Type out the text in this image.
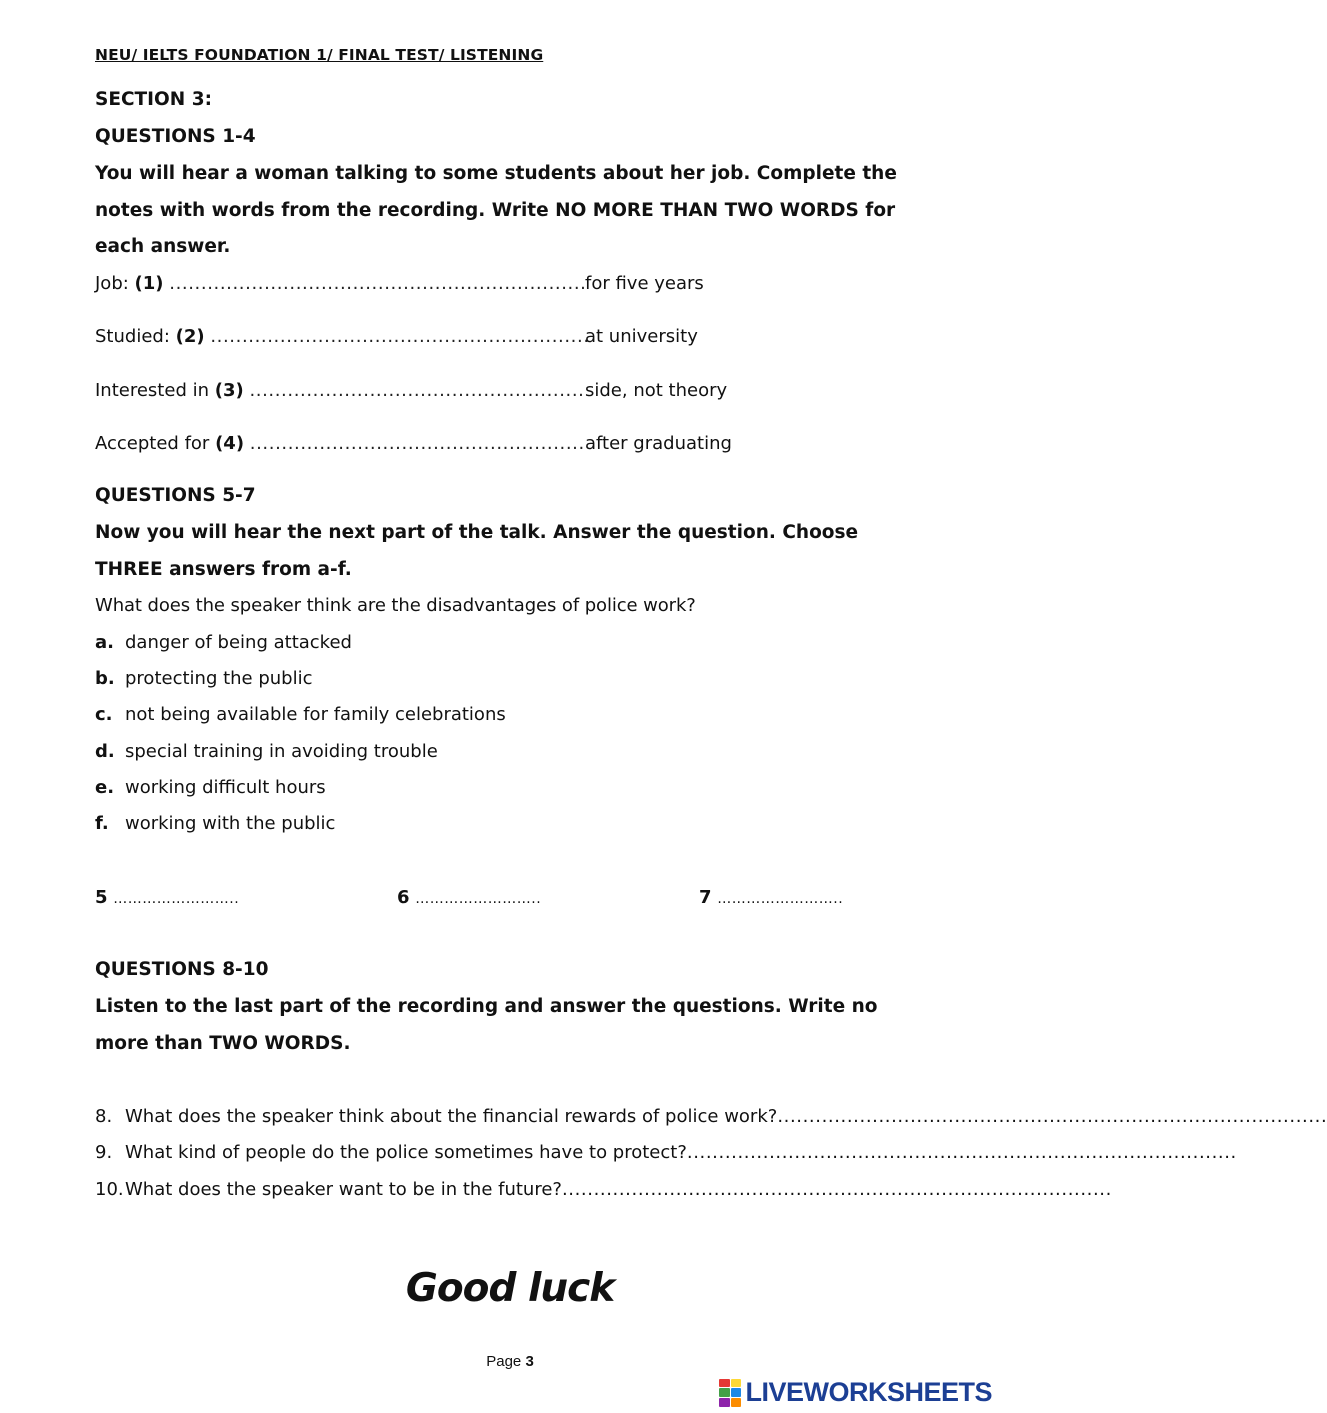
NEU/ IELTS FOUNDATION 1/ FINAL TEST/ LISTENING
SECTION 3:
QUESTIONS 1-4
You will hear a woman talking to some students about her job. Complete the notes with words from the recording. Write NO MORE THAN TWO WORDS for each answer.
Job: (1) ..................................................................
for five years
Studied: (2) ............................................................
at university
Interested in (3) ..................................................... side, not theory
Accepted for (4) ..................................................... after graduating
QUESTIONS 5-7
Now you will hear the next part of the talk. Answer the question. Choose THREE answers from a-f.
What does the speaker think are the disadvantages of police work?
a. danger of being attacked
b. protecting the public
c. not being available for family celebrations
d. special training in avoiding trouble
e. working difficult hours
f. working with the public
5 ……………………..	6 ……………………..	7 ……………………..
QUESTIONS 8-10
Listen to the last part of the recording and answer the questions. Write no more than TWO WORDS.
8. What does the speaker think about the financial rewards of police work? .......................................................................................
9. What kind of people do the police sometimes have to protect? .......................................................................................
10. What does the speaker want to be in the future? .......................................................................................
Good luck
Page 3
LIVEWORKSHEETS
